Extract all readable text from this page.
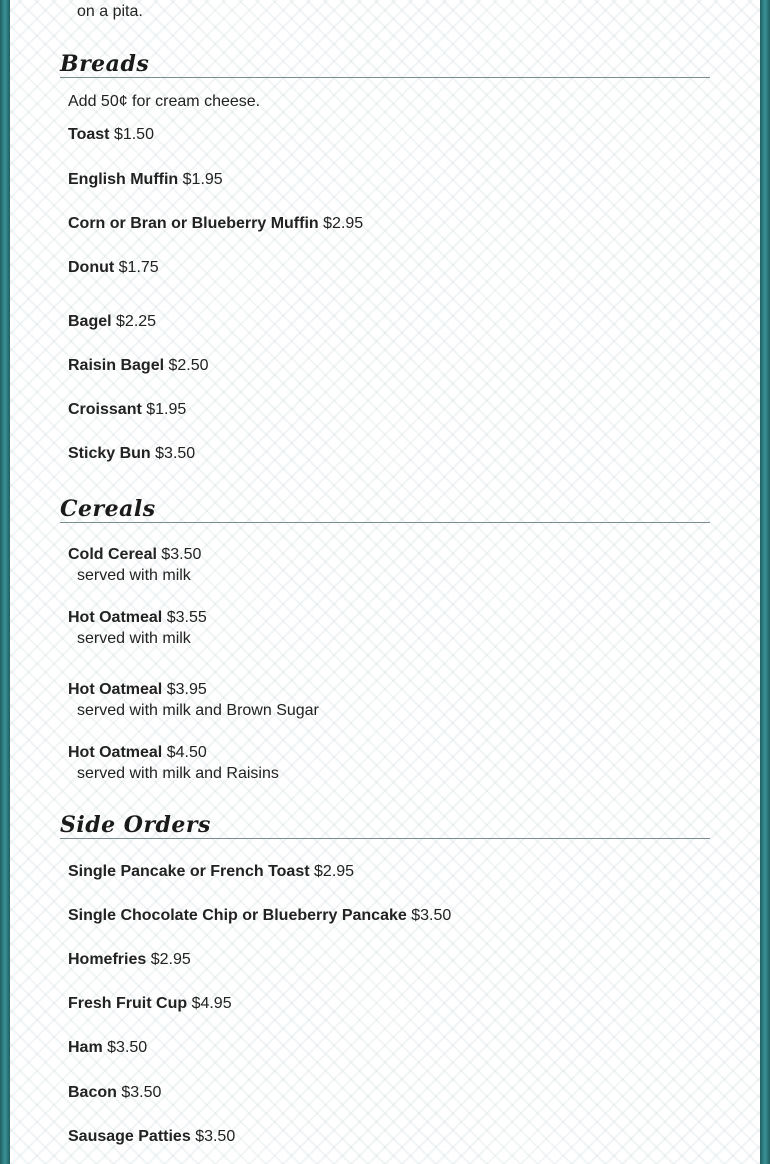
on a pita.
Breads
Add 50¢ for cream cheese.
Toast $1.50
English Muffin $1.95
Corn or Bran or Blueberry Muffin $2.95
Donut $1.75
Bagel $2.25
Raisin Bagel $2.50
Croissant $1.95
Sticky Bun $3.50
Cereals
Cold Cereal $3.50
served with milk
Hot Oatmeal $3.55
served with milk
Hot Oatmeal $3.95
served with milk and Brown Sugar
Hot Oatmeal $4.50
served with milk and Raisins
Side Orders
Single Pancake or French Toast $2.95
Single Chocolate Chip or Blueberry Pancake $3.50
Homefries $2.95
Fresh Fruit Cup $4.95
Ham $3.50
Bacon $3.50
Sausage Patties $3.50
